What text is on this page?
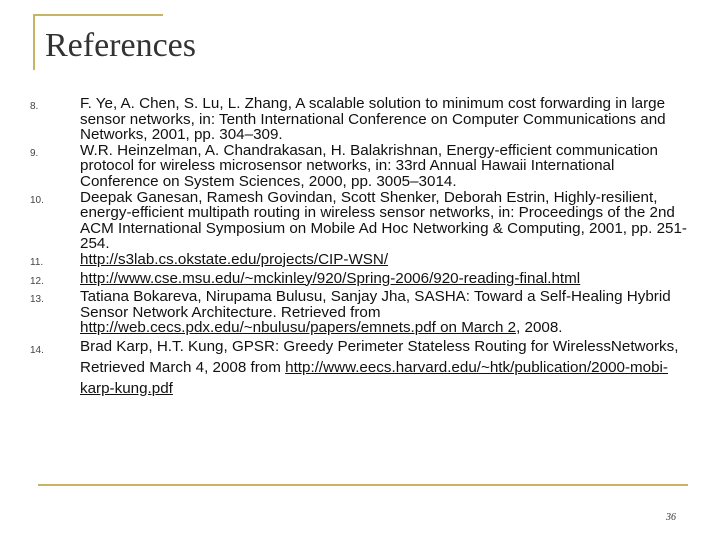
References
8.	F. Ye, A. Chen, S. Lu, L. Zhang, A scalable solution to minimum cost forwarding in large sensor networks, in: Tenth International Conference on Computer Communications and Networks, 2001, pp. 304–309.
9.	W.R. Heinzelman, A. Chandrakasan, H. Balakrishnan, Energy-efficient communication protocol for wireless microsensor networks, in: 33rd Annual Hawaii International Conference on System Sciences, 2000, pp. 3005–3014.
10.	Deepak Ganesan, Ramesh Govindan, Scott Shenker, Deborah Estrin, Highly-resilient, energy-efficient multipath routing in wireless sensor networks, in: Proceedings of the 2nd ACM International Symposium on Mobile Ad Hoc Networking & Computing, 2001, pp. 251-254.
11.	http://s3lab.cs.okstate.edu/projects/CIP-WSN/
12.	http://www.cse.msu.edu/~mckinley/920/Spring-2006/920-reading-final.html
13.	Tatiana Bokareva, Nirupama Bulusu, Sanjay Jha, SASHA: Toward a Self-Healing Hybrid Sensor Network Architecture. Retrieved from http://web.cecs.pdx.edu/~nbulusu/papers/emnets.pdf on March 2, 2008.
14.	Brad Karp, H.T. Kung, GPSR: Greedy Perimeter Stateless Routing for WirelessNetworks, Retrieved March 4, 2008 from http://www.eecs.harvard.edu/~htk/publication/2000-mobi-karp-kung.pdf
36
